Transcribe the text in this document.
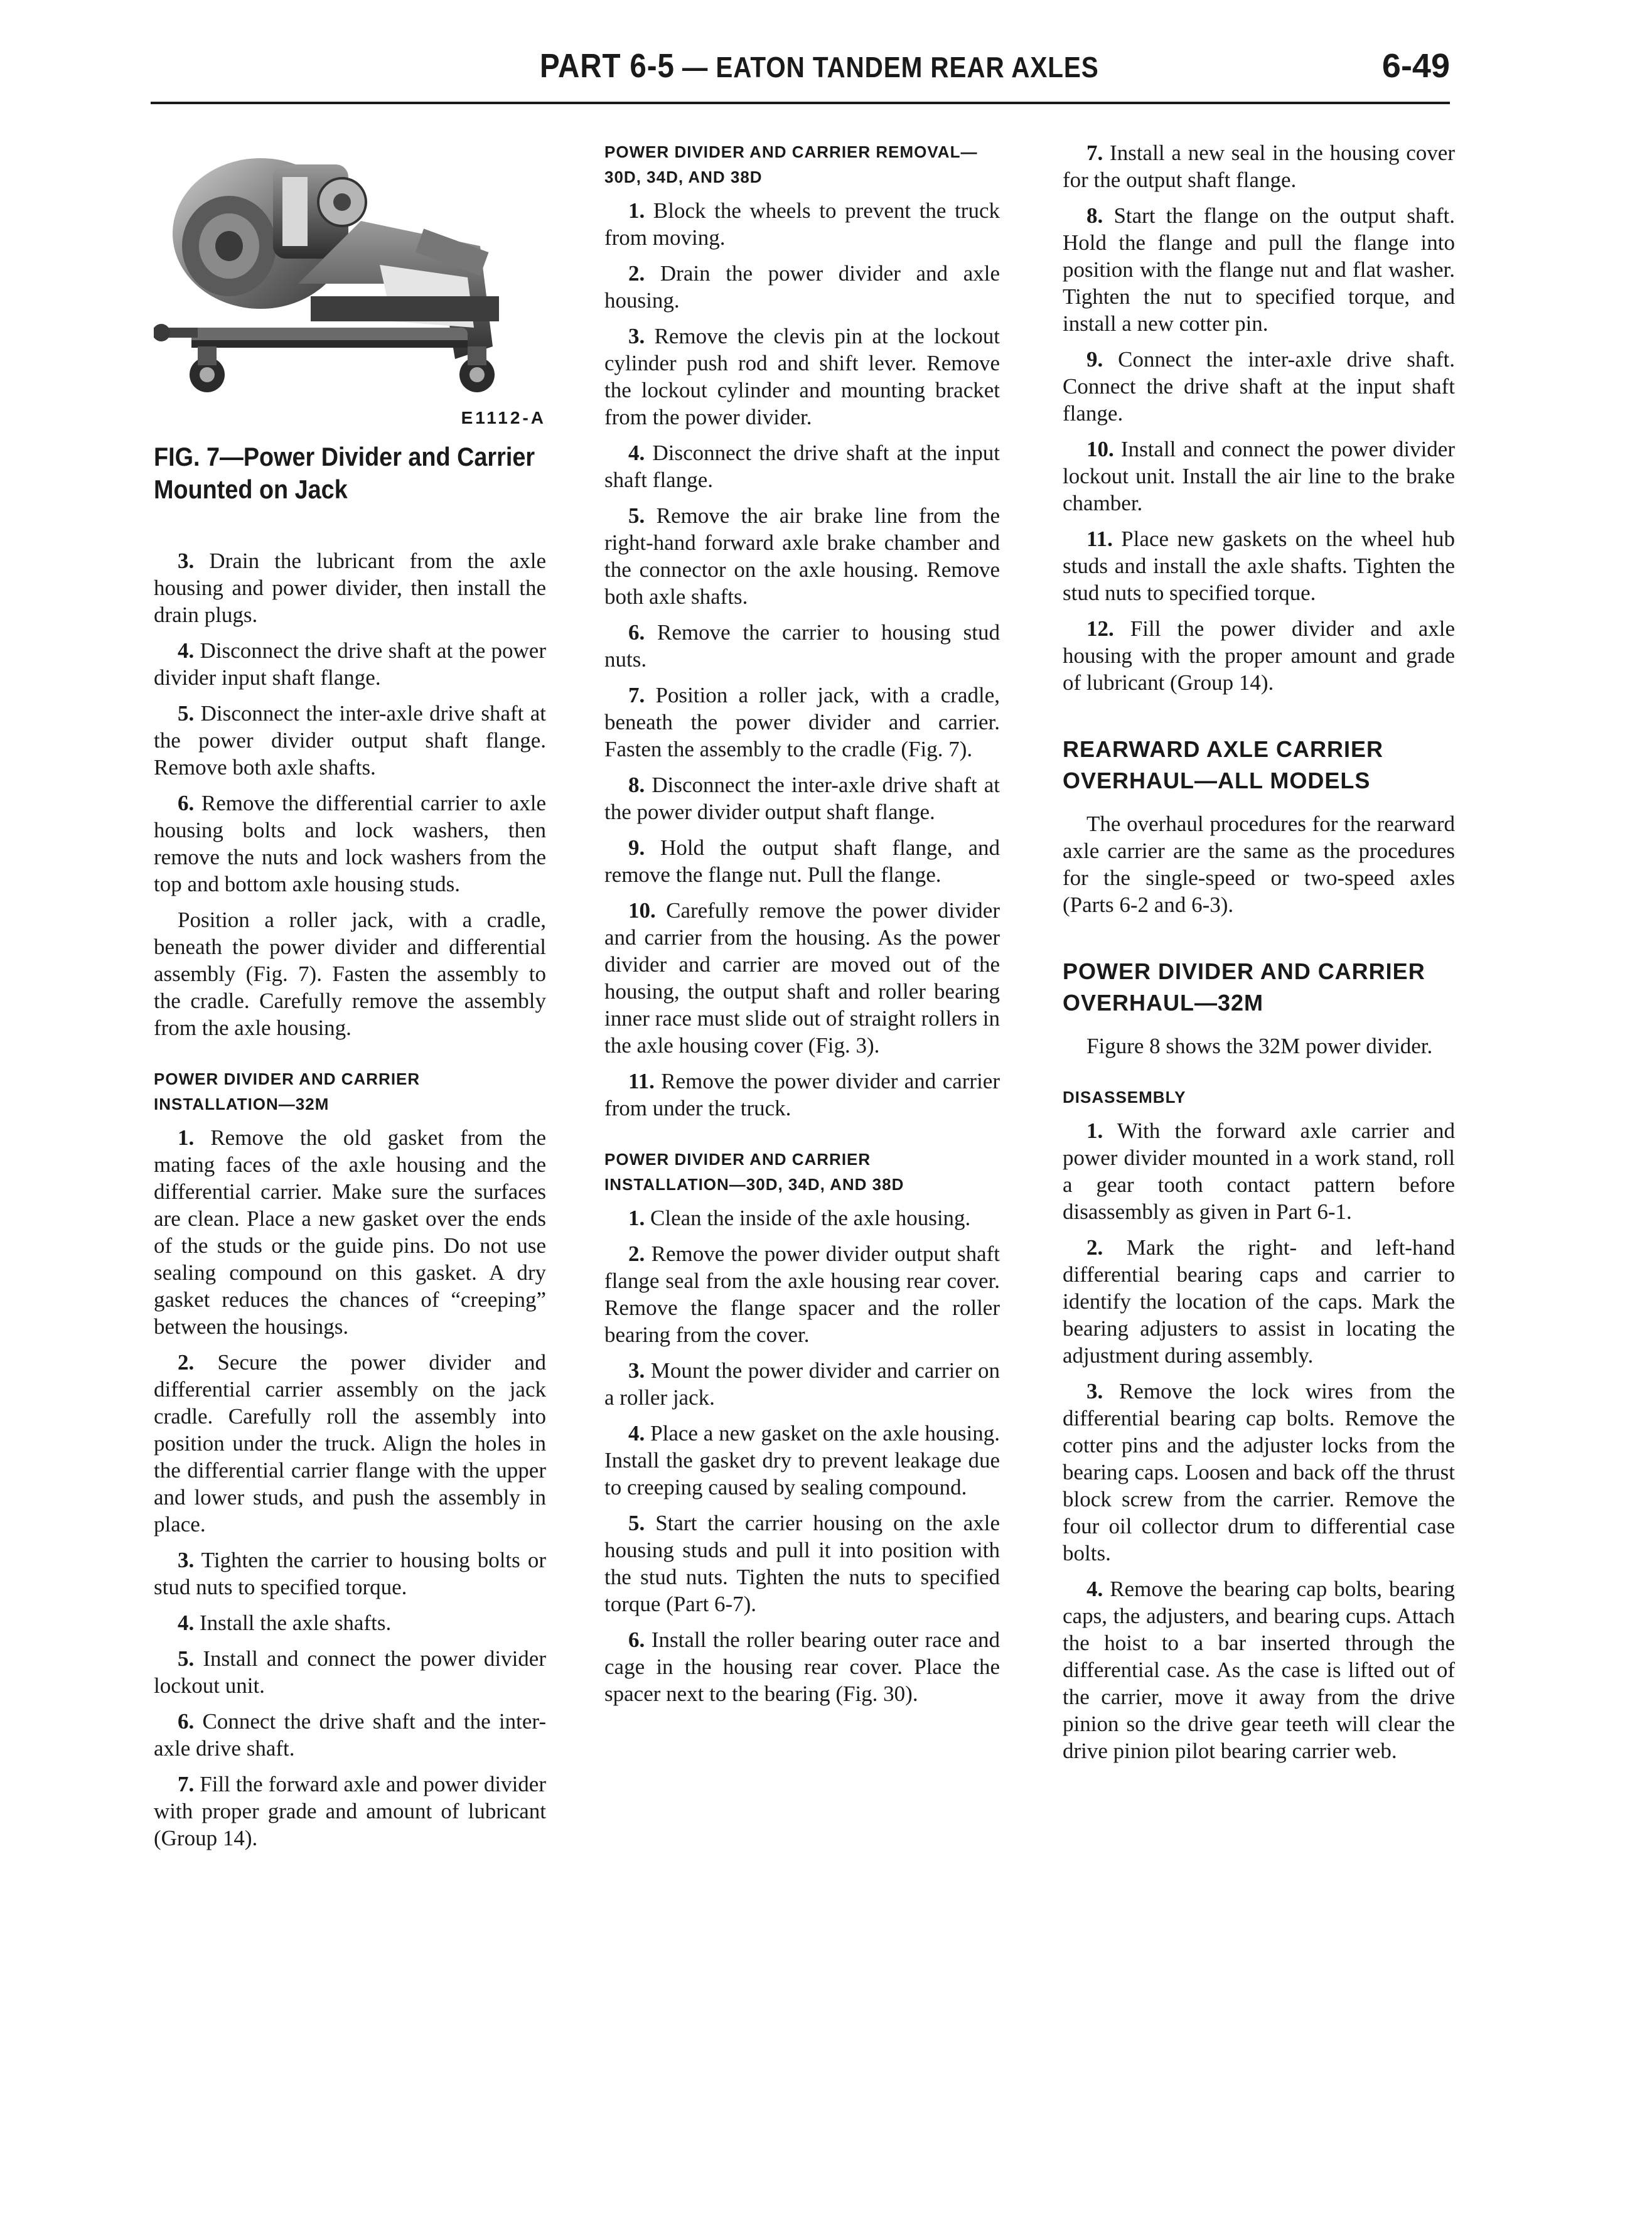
PART 6-5 — EATON TANDEM REAR AXLES	6-49
E1112-A
FIG. 7—Power Divider and Carrier Mounted on Jack

3. Drain the lubricant from the axle housing and power divider, then install the drain plugs.

4. Disconnect the drive shaft at the power divider input shaft flange.

5. Disconnect the inter-axle drive shaft at the power divider output shaft flange. Remove both axle shafts.

6. Remove the differential carrier to axle housing bolts and lock washers, then remove the nuts and lock washers from the top and bottom axle housing studs.

Position a roller jack, with a cradle, beneath the power divider and differential assembly (Fig. 7). Fasten the assembly to the cradle. Carefully remove the assembly from the axle housing.

POWER DIVIDER AND CARRIER INSTALLATION—32M

1. Remove the old gasket from the mating faces of the axle housing and the differential carrier. Make sure the surfaces are clean. Place a new gasket over the ends of the studs or the guide pins. Do not use sealing compound on this gasket. A dry gasket reduces the chances of “creeping” between the housings.

2. Secure the power divider and differential carrier assembly on the jack cradle. Carefully roll the assembly into position under the truck. Align the holes in the differential carrier flange with the upper and lower studs, and push the assembly in place.

3. Tighten the carrier to housing bolts or stud nuts to specified torque.

4. Install the axle shafts.

5. Install and connect the power divider lockout unit.

6. Connect the drive shaft and the inter-axle drive shaft.

7. Fill the forward axle and power divider with proper grade and amount of lubricant (Group 14).

POWER DIVIDER AND CARRIER REMOVAL—30D, 34D, AND 38D

1. Block the wheels to prevent the truck from moving.

2. Drain the power divider and axle housing.

3. Remove the clevis pin at the lockout cylinder push rod and shift lever. Remove the lockout cylinder and mounting bracket from the power divider.

4. Disconnect the drive shaft at the input shaft flange.

5. Remove the air brake line from the right-hand forward axle brake chamber and the connector on the axle housing. Remove both axle shafts.

6. Remove the carrier to housing stud nuts.

7. Position a roller jack, with a cradle, beneath the power divider and carrier. Fasten the assembly to the cradle (Fig. 7).

8. Disconnect the inter-axle drive shaft at the power divider output shaft flange.

9. Hold the output shaft flange, and remove the flange nut. Pull the flange.

10. Carefully remove the power divider and carrier from the housing. As the power divider and carrier are moved out of the housing, the output shaft and roller bearing inner race must slide out of straight rollers in the axle housing cover (Fig. 3).

11. Remove the power divider and carrier from under the truck.

POWER DIVIDER AND CARRIER INSTALLATION—30D, 34D, AND 38D

1. Clean the inside of the axle housing.

2. Remove the power divider output shaft flange seal from the axle housing rear cover. Remove the flange spacer and the roller bearing from the cover.

3. Mount the power divider and carrier on a roller jack.

4. Place a new gasket on the axle housing. Install the gasket dry to prevent leakage due to creeping caused by sealing compound.

5. Start the carrier housing on the axle housing studs and pull it into position with the stud nuts. Tighten the nuts to specified torque (Part 6-7).

6. Install the roller bearing outer race and cage in the housing rear cover. Place the spacer next to the bearing (Fig. 30).

7. Install a new seal in the housing cover for the output shaft flange.

8. Start the flange on the output shaft. Hold the flange and pull the flange into position with the flange nut and flat washer. Tighten the nut to specified torque, and install a new cotter pin.

9. Connect the inter-axle drive shaft. Connect the drive shaft at the input shaft flange.

10. Install and connect the power divider lockout unit. Install the air line to the brake chamber.

11. Place new gaskets on the wheel hub studs and install the axle shafts. Tighten the stud nuts to specified torque.

12. Fill the power divider and axle housing with the proper amount and grade of lubricant (Group 14).

REARWARD AXLE CARRIER OVERHAUL—ALL MODELS

The overhaul procedures for the rearward axle carrier are the same as the procedures for the single-speed or two-speed axles (Parts 6-2 and 6-3).

POWER DIVIDER AND CARRIER OVERHAUL—32M

Figure 8 shows the 32M power divider.

DISASSEMBLY

1. With the forward axle carrier and power divider mounted in a work stand, roll a gear tooth contact pattern before disassembly as given in Part 6-1.

2. Mark the right- and left-hand differential bearing caps and carrier to identify the location of the caps. Mark the bearing adjusters to assist in locating the adjustment during assembly.

3. Remove the lock wires from the differential bearing cap bolts. Remove the cotter pins and the adjuster locks from the bearing caps. Loosen and back off the thrust block screw from the carrier. Remove the four oil collector drum to differential case bolts.

4. Remove the bearing cap bolts, bearing caps, the adjusters, and bearing cups. Attach the hoist to a bar inserted through the differential case. As the case is lifted out of the carrier, move it away from the drive pinion so the drive gear teeth will clear the drive pinion pilot bearing carrier web.
